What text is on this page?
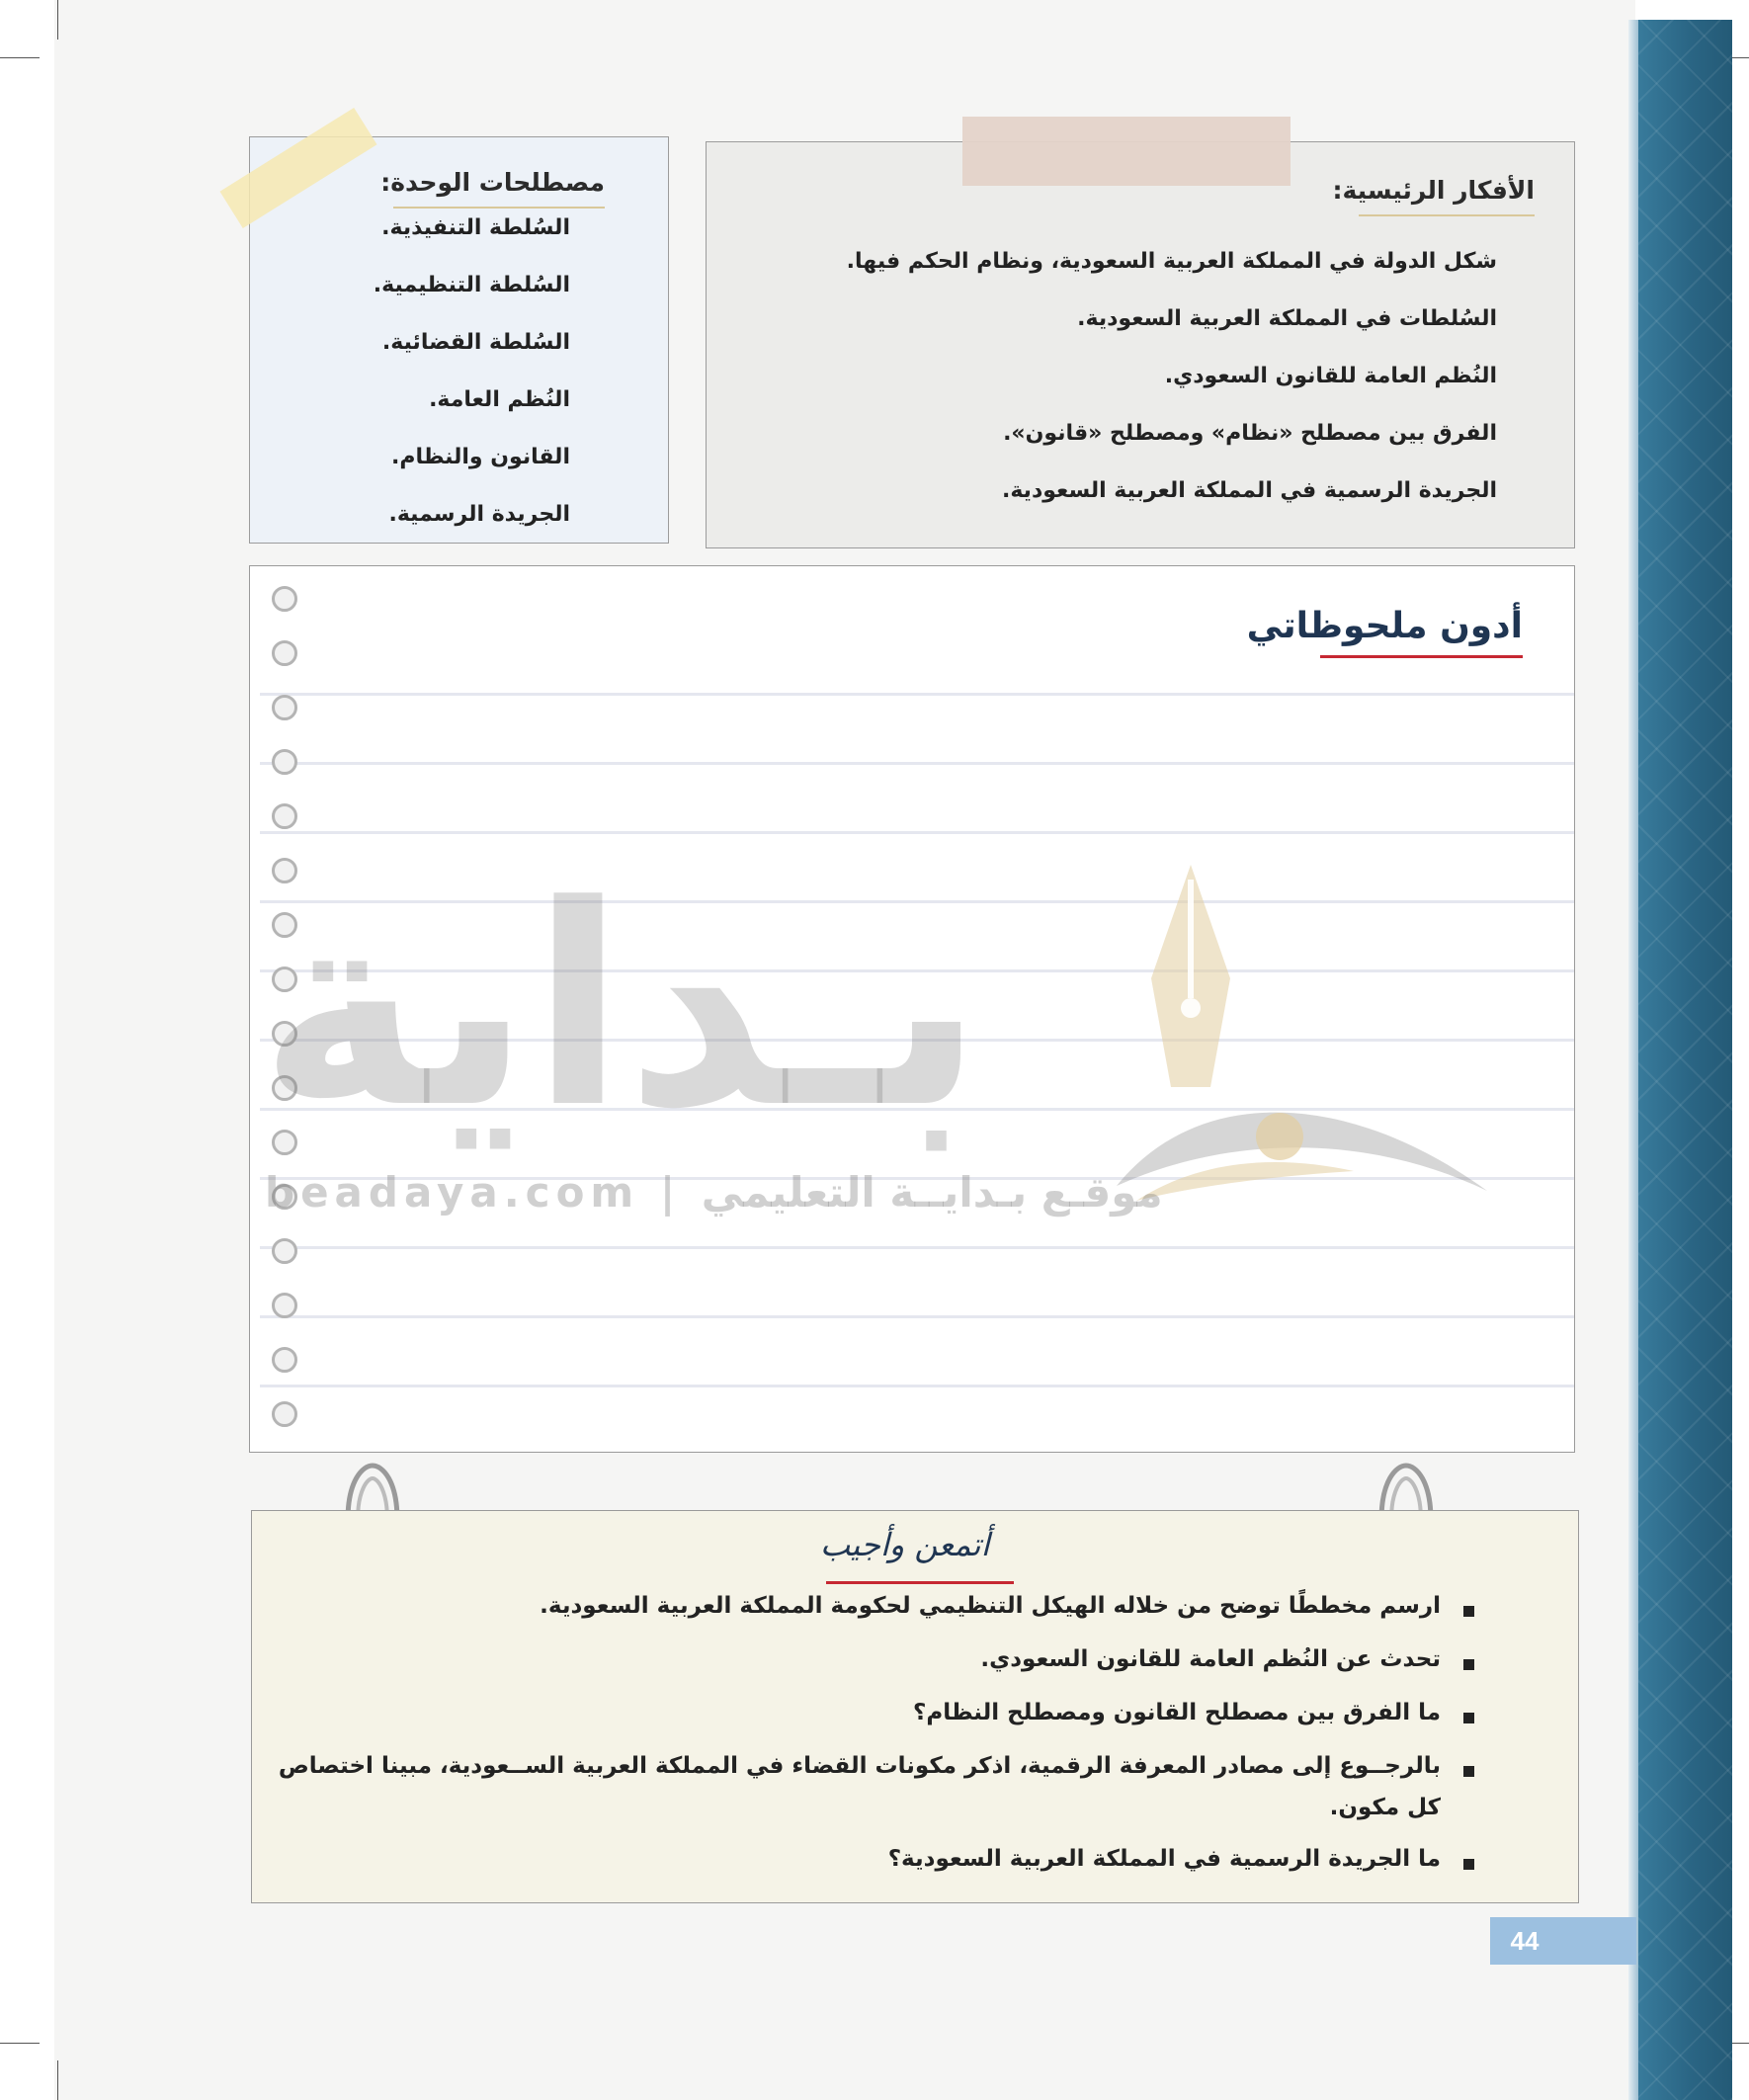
مصطلحات الوحدة:
السُلطة التنفيذية.
السُلطة التنظيمية.
السُلطة القضائية.
النُظم العامة.
القانون والنظام.
الجريدة الرسمية.
الأفكار الرئيسية:
شكل الدولة في المملكة العربية السعودية، ونظام الحكم فيها.
السُلطات في المملكة العربية السعودية.
النُظم العامة للقانون السعودي.
الفرق بين مصطلح «نظام» ومصطلح «قانون».
الجريدة الرسمية في المملكة العربية السعودية.
أدون ملحوظاتي
بـداية
beadaya.com | موقـع بـدايــة التعليمي
أتمعن وأجيب
ارسم مخططًا توضح من خلاله الهيكل التنظيمي لحكومة المملكة العربية السعودية.
تحدث عن النُظم العامة للقانون السعودي.
ما الفرق بين مصطلح القانون ومصطلح النظام؟
بالرجــوع إلى مصادر المعرفة الرقمية، اذكر مكونات القضاء في المملكة العربية الســعودية، مبينا اختصاص
كل مكون.
ما الجريدة الرسمية في المملكة العربية السعودية؟
44
